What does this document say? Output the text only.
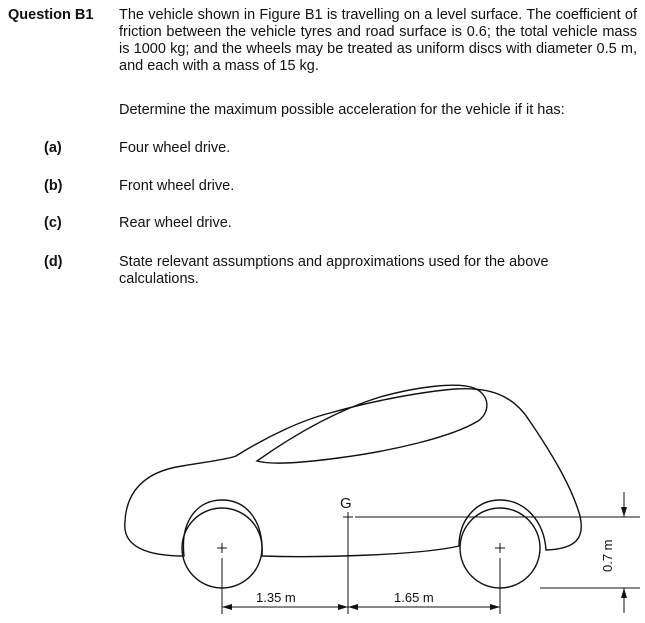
Question B1 The vehicle shown in Figure B1 is travelling on a level surface. The coefficient of friction between the vehicle tyres and road surface is 0.6; the total vehicle mass is 1000 kg; and the wheels may be treated as uniform discs with diameter 0.5 m, and each with a mass of 15 kg.
Determine the maximum possible acceleration for the vehicle if it has:
(a)	Four wheel drive.
(b)	Front wheel drive.
(c)	Rear wheel drive.
(d)	State relevant assumptions and approximations used for the above calculations.
G
1.35 m	1.65 m
0.7 m
